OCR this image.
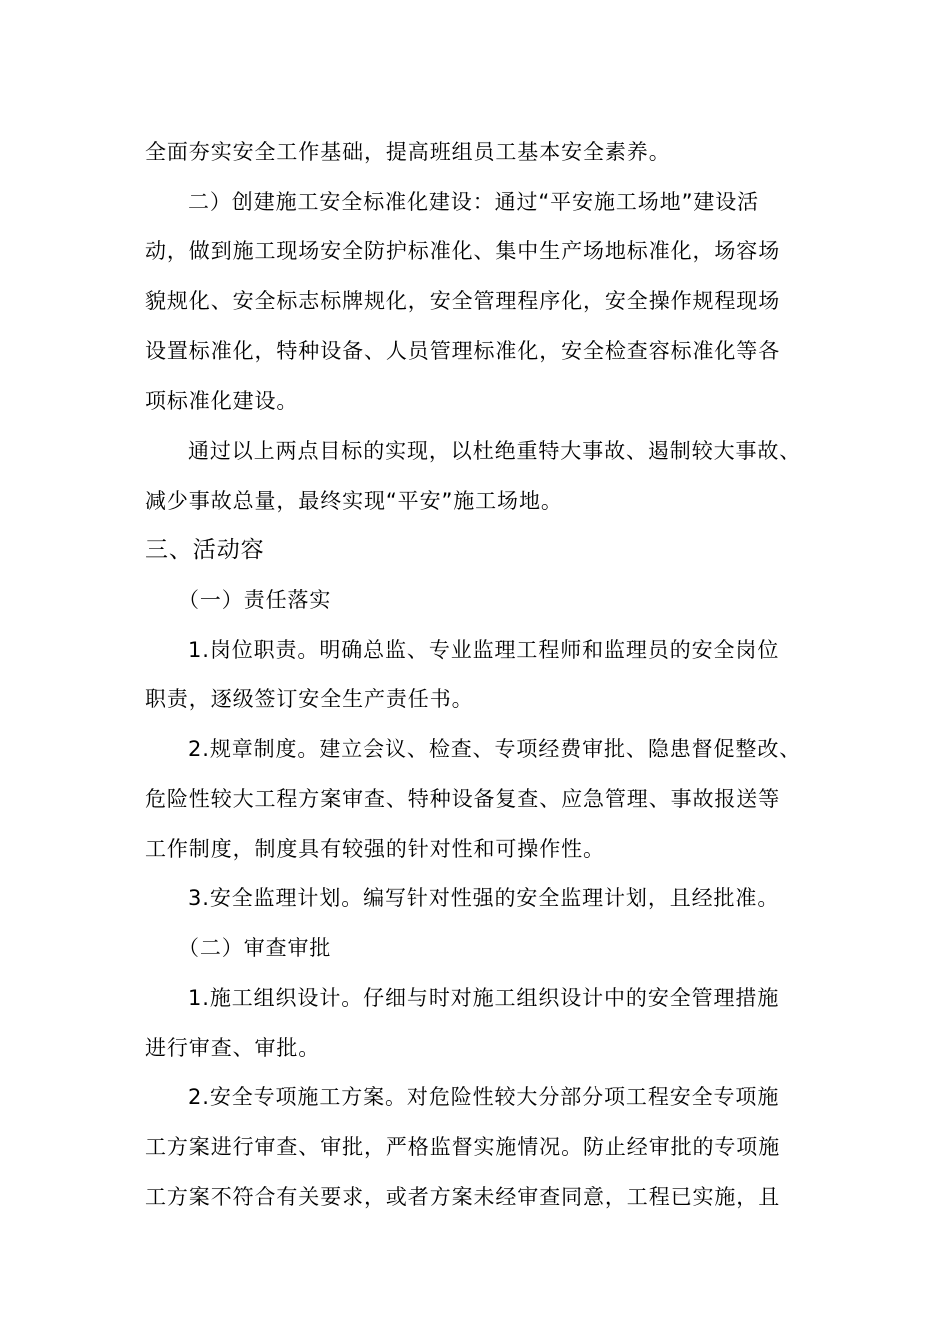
全面夯实安全工作基础，提高班组员工基本安全素养。
二）创建施工安全标准化建设：通过“平安施工场地”建设活
动，做到施工现场安全防护标准化、集中生产场地标准化，场容场
貌规化、安全标志标牌规化，安全管理程序化，安全操作规程现场
设置标准化，特种设备、人员管理标准化，安全检查容标准化等各
项标准化建设。
通过以上两点目标的实现，以杜绝重特大事故、遏制较大事故、
减少事故总量，最终实现“平安”施工场地。
三、活动容
（一）责任落实
1.岗位职责。明确总监、专业监理工程师和监理员的安全岗位
职责，逐级签订安全生产责任书。
2.规章制度。建立会议、检查、专项经费审批、隐患督促整改、
危险性较大工程方案审查、特种设备复查、应急管理、事故报送等
工作制度，制度具有较强的针对性和可操作性。
3.安全监理计划。编写针对性强的安全监理计划，且经批准。
（二）审查审批
1.施工组织设计。仔细与时对施工组织设计中的安全管理措施
进行审查、审批。
2.安全专项施工方案。对危险性较大分部分项工程安全专项施
工方案进行审查、审批，严格监督实施情况。防止经审批的专项施
工方案不符合有关要求，或者方案未经审查同意，工程已实施，且
